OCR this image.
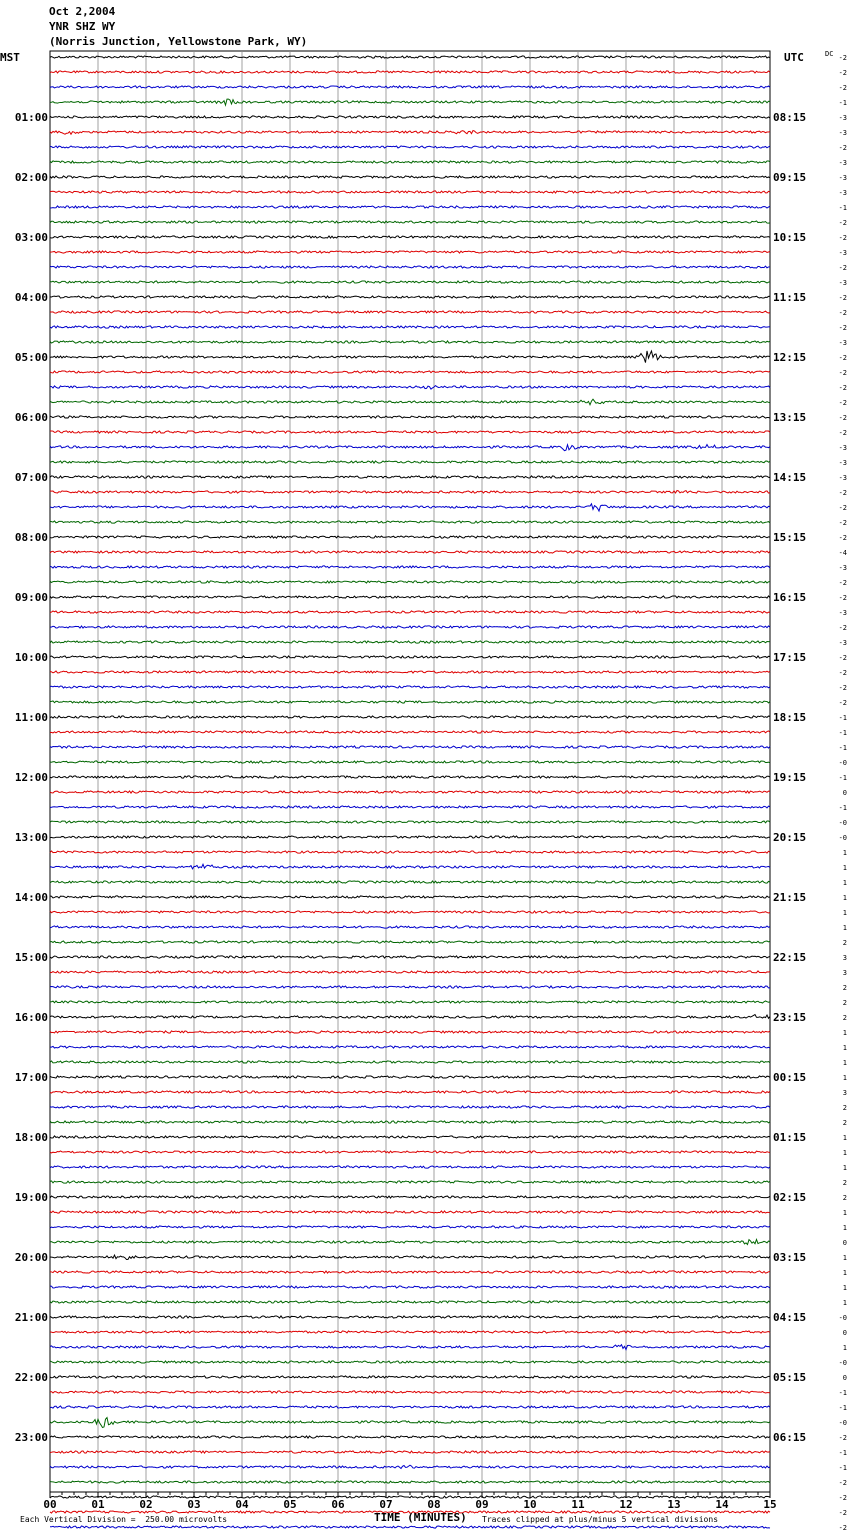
Oct 2,2004
YNR SHZ WY
(Norris Junction, Yellowstone Park, WY)
MST	UTC	-2
-2
-2
-1
-3
-3
-2
-3
-3
-3
-1
-2
-2
-3
-2
-3
-2
-2
-2
-3
-2
-2
-2
-2
-2
-2
-3
-3
-3
-2
-2
-2
-2
-4
-3
-2
-2
-3
-2
-3
-2
-2
-2
-2
-1
-1
-1
-0
-1
0
-1
-0
-0
1
1
1
1
1
1
2
3
3
2
2
2
1
1
1
1
3
2
2
1
1
1
2
2
1
1
0
1
1
1
1
-0
0
1
-0
0
-1
-1
-0
-2
-1
-1
-2
-2
-2
-2
DC
01:00	08:15
02:00	09:15
03:00	10:15
04:00	11:15
05:00	12:15
06:00	13:15
07:00	14:15
08:00	15:15
09:00	16:15
10:00	17:15
11:00	18:15
12:00	19:15
13:00	20:15
14:00	21:15
15:00	22:15
16:00	23:15
17:00	00:15
18:00	01:15
19:00	02:15
20:00	03:15
21:00	04:15
22:00	05:15
23:00	06:15
00	01	02	03	04	05	06	07	08	09	10	11	12	13	14	15
Each Vertical Division =  250.00 microvolts	TIME (MINUTES) Traces clipped at plus/minus 5 vertical divisions
